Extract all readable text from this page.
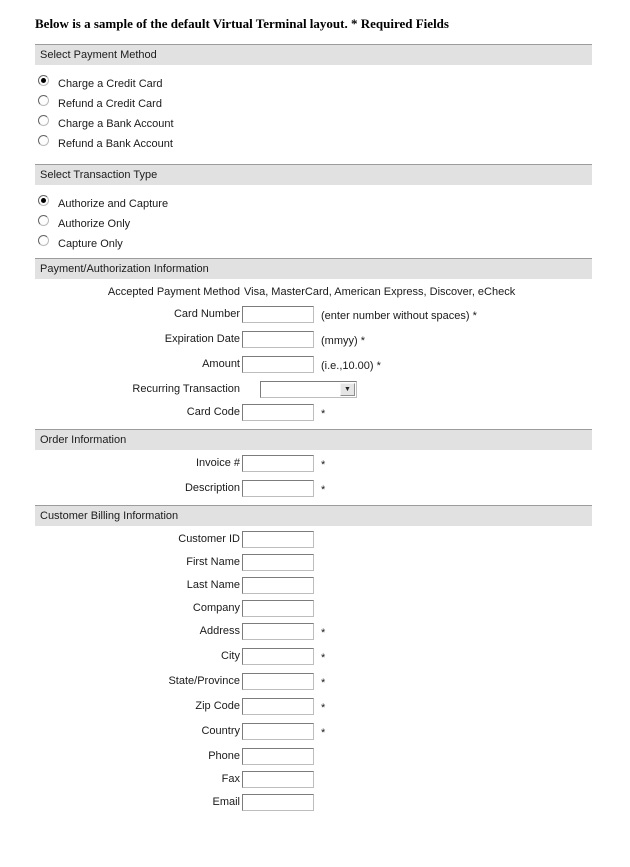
Below is a sample of the default Virtual Terminal layout. * Required Fields
Select Payment Method
Charge a Credit Card
Refund a Credit Card
Charge a Bank Account
Refund a Bank Account
Select Transaction Type
Authorize and Capture
Authorize Only
Capture Only
Payment/Authorization Information
Accepted Payment Method Visa, MasterCard, American Express, Discover, eCheck
Card Number	(enter number without spaces) *
Expiration Date	(mmyy) *
Amount	(i.e.,10.00) *
Recurring Transaction	▼
Card Code	*
Order Information
Invoice #	*
Description	*
Customer Billing Information
Customer ID
First Name
Last Name
Company
Address	*
City	*
State/Province	*
Zip Code	*
Country	*
Phone
Fax
Email
